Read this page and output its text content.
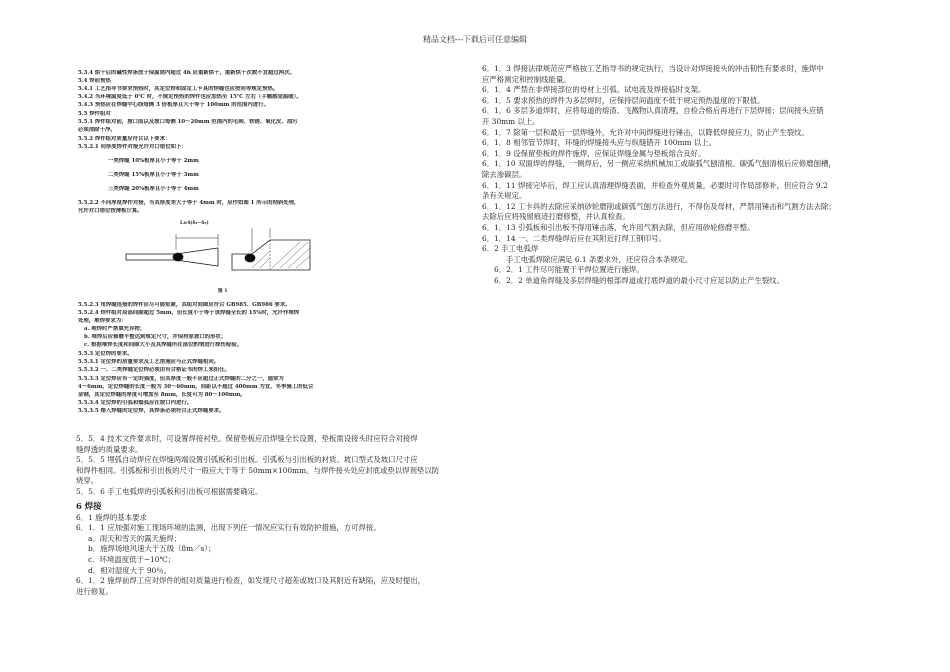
精品文档---下载后可任意编辑
5.3.4 烘干后的碱性焊条放于保温筒内超过 4h 应重新烘干，重新烘干次数不宜超过两次。
5.4 焊前预热
5.4.1 工艺指导书要求预热时，其定位焊和固定工卡具的焊缝也应按同等规定预热。
5.4.2 当环境温度低于 0℃ 时，不规定预热的焊件也应加热至 15℃ 左右（手触感觉温暖）。
5.4.3 预热应在焊缝中心线每侧 3 倍板厚且大于等于 100mm 的范围内进行。
5.5 焊件组对
5.5.1 焊件组对前，坡口面以及坡口每侧 10～20mm 范围内的毛刺、铁锈、氧化皮、油污
必须清除干净。
5.5.2 焊件组对质量应符合以下要求：
5.5.2.1 同厚度焊件对接允许对口错位如下：
一类焊缝 10%板厚且小于等于 2mm
二类焊缝 15%板厚且小于等于 3mm
三类焊缝 20%板厚且小于等于 4mm
5.5.2.2 不同厚度焊件对接，当其厚度差大于等于 4mm 时，应作如图 1 所示的削斜处理，
允许对口错位按薄板计算。
L≥4(δ₁−δ₂)
图 1
5.5.2.3 角焊缝连接的焊件应尽可能贴紧，其组对间隙应符合 GB985、GB986 要求。
5.5.2.4 焊件组对局部间隙超过 5mm，但长度小于等于该焊缝全长的 15%时，允许作堆焊
处理，堆焊要求为：
a. 堆焊时严禁填充异物；
b. 堆焊后应修磨平整达到规定尺寸，并保持原坡口的形状；
c. 根据堆焊长度和间隙大小及其焊缝所在部位酌情进行探伤检验。
5.5.3 定位焊的要求。
5.5.3.1 定位焊的质量要求及工艺措施应与正式焊缝相同。
5.5.3.2 一、二类焊缝定位焊必须由有合格证书的焊工来担任。
5.5.3.3 定位焊应有一定的强度，但其厚度一般不应超过正式焊缝的二分之一，通常为
4～6mm，定位焊缝的长度一般为 30～60mm，间距以不超过 400mm 为宜，冬季施工的低合
金钢，其定位焊缝的厚度可增加至 8mm，长度可为 80～100mm。
5.5.3.4 定位焊的引弧和熄弧应在坡口内进行。
5.5.3.5 熔入焊缝的定位焊，其焊条必须符合正式焊缝要求。

5．5．4 技术文件要求时，可设置焊接衬垫。保留垫板应沿焊缝全长设置，垫板需设接头时应符合对接焊

缝焊透的质量要求。

5．5．5 埋弧自动焊应在焊缝两端设置引弧板和引出板。引弧板与引出板的材质、坡口型式及坡口尺寸应

和焊件相同。引弧板和引出板的尺寸一般应大于等于 50mm×100mm。与焊件接头处应封底或垫以焊剂垫以防

烧穿。

5．5．6 手工电弧焊的引弧板和引出板可根据需要确定。

6 焊接

6．1 施焊的基本要求

6．1．1 应加强对施工现场环境的监测，出现下列任一情况应实行有效防护措施，方可焊接。

a．雨天和雪天的露天施焊；

b．施焊场地风速大于五级（8m／s）；

c．环境温度低于−10℃；

d．相对湿度大于 90％。

6．1．2 施焊前焊工应对焊件的组对质量进行检查，如发现尺寸超差或坡口及其附近有缺陷，应及时提出，

进行修复。

6．1．3 焊接法律规范应严格按工艺指导书的规定执行，当设计对焊接接头的冲击韧性有要求时，施焊中

应严格测定和控制线能量。

6．1．4 严禁在非焊接部位的母材上引弧、试电流及焊接临时支架。

6．1．5 要求预热的焊件为多层焊时，应保持层间温度不低于规定预热温度的下限值。

6．1．6 多层多道焊时，应将每道的熔渣、飞溅物认真清理，自检合格后再进行下层焊接；层间接头应错

开 30mm 以上。

6．1．7 除第一层和最后一层焊缝外，允许对中间焊缝进行锤击，以降低焊接应力，防止产生裂纹。

6．1．8 相邻管节焊时，环缝的焊缝接头应与纵缝错开 100mm 以上。

6．1．9 设保留垫板的焊件施焊，应保证焊缝金属与垫板熔合良好。

6．1．10 双面焊的焊缝，一侧焊后，另一侧应采纳机械加工或碳弧气刨清根。碳弧气刨清根后应修磨刨槽，

除去渗碳层。

6．1．11 焊接完毕后，焊工应认真清理焊缝表面，并检查外观质量，必要时可作局部修补，但应符合 9.2

条有关规定。

6．1．12 工卡具的去除应采纳砂轮磨削或碳弧气刨方法进行，不得伤及母材，严禁用锤击和气割方法去除；

去除后应将残留痕迹打磨修整，并认真检查。

6．1．13 引弧板和引出板不得用锤击落，允许用气割去除，但应用砂轮修磨平整。

6．1．14 一、二类焊缝焊后应在其附近打焊工钢印号。

6．2 手工电弧焊

手工电弧焊除应满足 6.1 条要求外，还应符合本条规定。

6．2．1 工件尽可能置于平焊位置进行施焊。

6．2．2 单道角焊缝及多层焊缝的根部焊道或打底焊道的最小尺寸应足以防止产生裂纹。
